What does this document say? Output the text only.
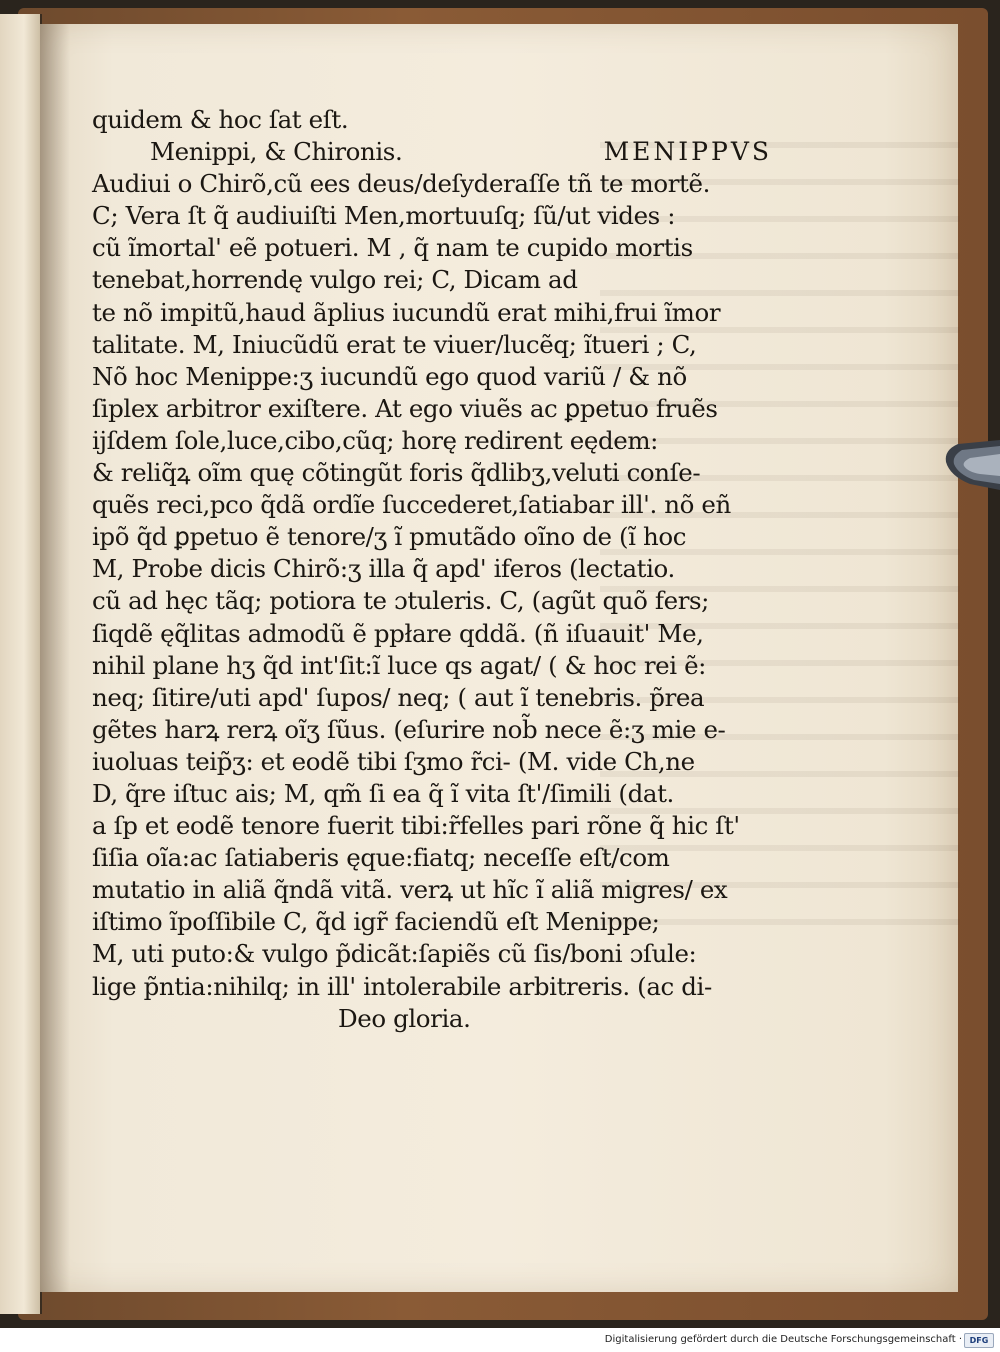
quidem & hoc ſat eſt.
Menippi, & Chironis.	MENIPPVS
Audiui o Chirõ,cũ ees deus/deſyderaſſe tñ te mortẽ.
C; Vera ſt q̃ audiuiſti Men,mortuuſq; ſũ/ut vides :
cũ ĩmortal' eẽ potueri. M , q̃ nam te cupido mortis
tenebat,horrendę vulgo rei; C, Dicam ad
te nõ impitũ,haud ãplius iucundũ erat mihi,frui ĩmor
talitate. M, Iniucũdũ erat te viuer/lucẽq; ĩtueri ; C,
Nõ hoc Menippe:ʒ iucundũ ego quod variũ / & nõ
ſiplex arbitror exiſtere. At ego viuẽs ac ꝑpetuo fruẽs
ijſdem ſole,luce,cibo,cũq; horę redirent eędem:
& reliq̃ꝝ oĩm quę cõtingũt foris q̃dlibʒ,veluti conſe-
quẽs reci,pco q̃dã ordĩe ſuccederet,ſatiabar ill'. nõ eñ
ipõ q̃d ꝑpetuo ẽ tenore/ʒ ĩ pmutãdo oĩno de (ĩ hoc
M, Probe dicis Chirõ:ʒ illa q̃ apd' iferos (lectatio.
cũ ad hęc tãq; potiora te ɔtuleris. C, (agũt quõ fers;
ſiqdẽ ęq̃litas admodũ ẽ ppłare qddã. (ñ iſuauit' Me,
nihil plane hʒ q̃d int'ſit:ĩ luce qs agat/ ( & hoc rei ẽ:
neq; ſitire/uti apd' ſupos/ neq; ( aut ĩ tenebris. p̃rea
gẽtes harꝝ rerꝝ oĩʒ ſũus. (eſurire nob̃ nece ẽ:ʒ mie e-
iuoluas teip̃ʒ: et eodẽ tibi ſʒmo r̃ci- (M. vide Ch,ne
D, q̃re iſtuc ais; M, qm̃ ſi ea q̃ ĩ vita ſt'/ſimili (dat.
a ſp et eodẽ tenore fuerit tibi:r̃felles pari rõne q̃ hic ſt'
ſiſia oĩa:ac ſatiaberis ęque:fiatq; neceſſe eſt/com
mutatio in aliã q̃ndã vitã. verꝝ ut hĩc ĩ aliã migres/ ex
iſtimo ĩpoſſibile C, q̃d igr̃ faciendũ eſt Menippe;
M, uti puto:& vulgo p̃dicãt:ſapiẽs cũ ſis/boni ɔſule:
lige p̃ntia:nihilq; in ill' intolerabile arbitreris. (ac di-
Deo gloria.
Digitalisierung gefördert durch die Deutsche Forschungsgemeinschaft · DFG
